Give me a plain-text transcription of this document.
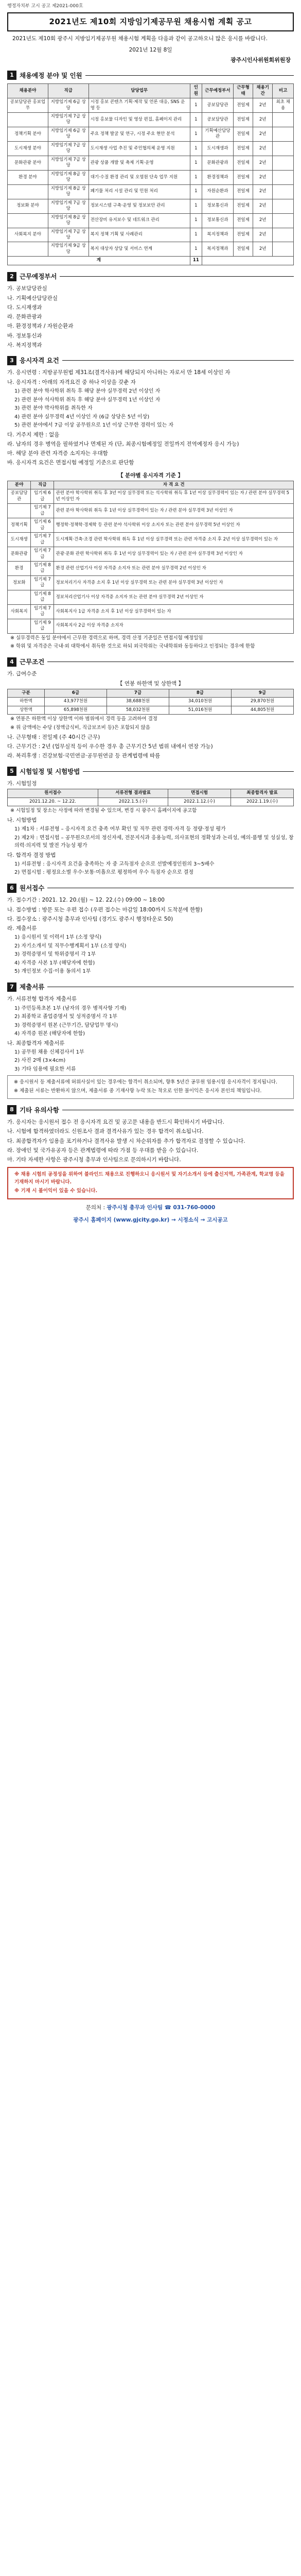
행정자치부 고시 공고 제2021-000호
2021년도 제10회 지방임기제공무원 채용시험 계획 공고

2021년도 제10회 광주시 지방임기제공무원 채용시험 계획을 다음과 같이 공고하오니 많은 응시를 바랍니다.

2021년 12월 8일
광주시인사위원회위원장
1 채용예정 분야 및 인원
채용분야	직급	담당업무	인원	근무예정부서	근무형태	채용기간	비고
공보담당관 홍보업무	지방임기제 6급 상당	시정 홍보 콘텐츠 기획·제작 및 언론 대응, SNS 운영 등	1	공보담당관	전일제	2년	최초 채용
	지방임기제 7급 상당	시정 홍보물 디자인 및 영상 편집, 홈페이지 관리	1	공보담당관	전일제	2년	
정책기획 분야	지방임기제 6급 상당	주요 정책 발굴 및 연구, 시정 주요 현안 분석	1	기획예산담당관	전일제	2년	
도시재생 분야	지방임기제 7급 상당	도시재생 사업 추진 및 주민협의체 운영 지원	1	도시재생과	전일제	2년	
문화관광 분야	지방임기제 7급 상당	관광 상품 개발 및 축제 기획·운영	1	문화관광과	전일제	2년	
환경 분야	지방임기제 8급 상당	대기·수질 환경 관리 및 오염원 단속 업무 지원	1	환경정책과	전일제	2년	
	지방임기제 8급 상당	폐기물 처리 시설 관리 및 민원 처리	1	자원순환과	전일제	2년	
정보화 분야	지방임기제 7급 상당	정보시스템 구축·운영 및 정보보안 관리	1	정보통신과	전일제	2년	
	지방임기제 8급 상당	전산장비 유지보수 및 네트워크 관리	1	정보통신과	전일제	2년	
사회복지 분야	지방임기제 7급 상당	복지 정책 기획 및 사례관리	1	복지정책과	전일제	2년	
	지방임기제 9급 상당	복지 대상자 상담 및 서비스 연계	1	복지정책과	전일제	2년	
계			11				
2 근무예정부서

가. 공보담당관실

나. 기획예산담당관실

다. 도시재생과

라. 문화관광과

마. 환경정책과 / 자원순환과

바. 정보통신과

사. 복지정책과

3 응시자격 요건

가. 응시연령 : 지방공무원법 제31조(결격사유)에 해당되지 아니하는 자로서 만 18세 이상인 자

나. 응시자격 : 아래의 자격요건 중 하나 이상을 갖춘 자

1) 관련 분야 학사학위 취득 후 해당 분야 실무경력 2년 이상인 자

2) 관련 분야 석사학위 취득 후 해당 분야 실무경력 1년 이상인 자

3) 관련 분야 박사학위를 취득한 자

4) 관련 분야 실무경력 4년 이상인 자 (6급 상당은 5년 이상)

5) 관련 분야에서 7급 이상 공무원으로 1년 이상 근무한 경력이 있는 자

다. 거주지 제한 : 없음

라. 남자의 경우 병역을 필하였거나 면제된 자 (단, 최종시험예정일 전일까지 전역예정자 응시 가능)

마. 해당 분야 관련 자격증 소지자는 우대함

바. 응시자격 요건은 면접시험 예정일 기준으로 판단함

【 분야별 응시자격 기준 】

분야	직급	자 격 요 건
공보담당관	임기제 6급	관련 분야 학사학위 취득 후 3년 이상 실무경력 또는 석사학위 취득 후 1년 이상 실무경력이 있는 자 / 관련 분야 실무경력 5년 이상인 자
	임기제 7급	관련 분야 학사학위 취득 후 1년 이상 실무경력이 있는 자 / 관련 분야 실무경력 3년 이상인 자
정책기획	임기제 6급	행정학·정책학·경제학 등 관련 분야 석사학위 이상 소지자 또는 관련 분야 실무경력 5년 이상인 자
도시재생	임기제 7급	도시계획·건축·조경 관련 학사학위 취득 후 1년 이상 실무경력 또는 관련 자격증 소지 후 2년 이상 실무경력이 있는 자
문화관광	임기제 7급	관광·문화 관련 학사학위 취득 후 1년 이상 실무경력이 있는 자 / 관련 분야 실무경력 3년 이상인 자
환경	임기제 8급	환경 관련 산업기사 이상 자격증 소지자 또는 관련 분야 실무경력 2년 이상인 자
정보화	임기제 7급	정보처리기사 자격증 소지 후 1년 이상 실무경력 또는 관련 분야 실무경력 3년 이상인 자
	임기제 8급	정보처리산업기사 이상 자격증 소지자 또는 관련 분야 실무경력 2년 이상인 자
사회복지	임기제 7급	사회복지사 1급 자격증 소지 후 1년 이상 실무경력이 있는 자
	임기제 9급	사회복지사 2급 이상 자격증 소지자

※ 실무경력은 동일 분야에서 근무한 경력으로 하며, 경력 산정 기준일은 면접시험 예정일임

※ 학위 및 자격증은 국내·외 대학에서 취득한 것으로 하되 외국학위는 국내학위와 동등하다고 인정되는 경우에 한함

4 근무조건

가. 급여수준

【 연봉 하한액 및 상한액 】

구분	6급	7급	8급	9급
하한액	43,977천원	38,688천원	34,010천원	29,870천원
상한액	65,898천원	58,032천원	51,016천원	44,805천원

※ 연봉은 하한액 이상 상한액 이하 범위에서 경력 등을 고려하여 결정

※ 위 금액에는 수당 (정액급식비, 직급보조비 등)은 포함되지 않음

나. 근무형태 : 전일제 (주 40시간 근무)

다. 근무기간 : 2년 (업무실적 등이 우수한 경우 총 근무기간 5년 범위 내에서 연장 가능)

라. 복리후생 : 건강보험·국민연금·공무원연금 등 관계법령에 따름

5 시험일정 및 시험방법

가. 시험일정

원서접수	서류전형 결과발표	면접시험	최종합격자 발표
2021.12.20. ~ 12.22.	2022.1.5.(수)	2022.1.12.(수)	2022.1.19.(수)

※ 시험일정 및 장소는 사정에 따라 변경될 수 있으며, 변경 시 광주시 홈페이지에 공고함

나. 시험방법

1) 제1차 : 서류전형 – 응시자격 요건 충족 여부 확인 및 직무 관련 경력·자격 등 정량·정성 평가

2) 제2차 : 면접시험 – 공무원으로서의 정신자세, 전문지식과 응용능력, 의사표현의 정확성과 논리성, 예의·품행 및 성실성, 창의력·의지력 및 발전 가능성 평가

다. 합격자 결정 방법

1) 서류전형 : 응시자격 요건을 충족하는 자 중 고득점자 순으로 선발예정인원의 3~5배수

2) 면접시험 : 평정요소별 우수·보통·미흡으로 평정하여 우수 득점자 순으로 결정

6 원서접수

가. 접수기간 : 2021. 12. 20.(월) ~ 12. 22.(수) 09:00 ~ 18:00

나. 접수방법 : 방문 또는 우편 접수 (우편 접수는 마감일 18:00까지 도착분에 한함)

다. 접수장소 : 광주시청 총무과 인사팀 (경기도 광주시 행정타운로 50)

라. 제출서류

1) 응시원서 및 이력서 1부 (소정 양식)

2) 자기소개서 및 직무수행계획서 1부 (소정 양식)

3) 경력증명서 및 학위증명서 각 1부

4) 자격증 사본 1부 (해당자에 한함)

5) 개인정보 수집·이용 동의서 1부

7 제출서류

가. 서류전형 합격자 제출서류

1) 주민등록초본 1부 (남자의 경우 병적사항 기재)

2) 최종학교 졸업증명서 및 성적증명서 각 1부

3) 경력증명서 원본 (근무기간, 담당업무 명시)

4) 자격증 원본 (해당자에 한함)

나. 최종합격자 제출서류

1) 공무원 채용 신체검사서 1부

2) 사진 2매 (3×4cm)

3) 기타 임용에 필요한 서류

※ 응시원서 등 제출서류에 허위사실이 있는 경우에는 합격이 취소되며, 향후 5년간 공무원 임용시험 응시자격이 정지됩니다.

※ 제출된 서류는 반환하지 않으며, 제출서류 중 기재사항 누락 또는 착오로 인한 불이익은 응시자 본인의 책임입니다.

8 기타 유의사항

가. 응시자는 응시원서 접수 전 응시자격 요건 및 공고문 내용을 반드시 확인하시기 바랍니다.

나. 시험에 합격하였더라도 신원조사 결과 결격사유가 있는 경우 합격이 취소됩니다.

다. 최종합격자가 임용을 포기하거나 결격사유 발생 시 차순위자를 추가 합격자로 결정할 수 있습니다.

라. 장애인 및 국가유공자 등은 관계법령에 따라 가점 등 우대를 받을 수 있습니다.

마. 기타 자세한 사항은 광주시청 총무과 인사팀으로 문의하시기 바랍니다.

※ 채용 시험의 공정성을 위하여 블라인드 채용으로 진행하오니 응시원서 및 자기소개서 등에 출신지역, 가족관계, 학교명 등을 기재하지 마시기 바랍니다.

※ 기재 시 불이익이 있을 수 있습니다.

문의처 : 광주시청 총무과 인사팀 ☎ 031-760-0000
광주시 홈페이지 (www.gjcity.go.kr) → 시정소식 → 고시공고
